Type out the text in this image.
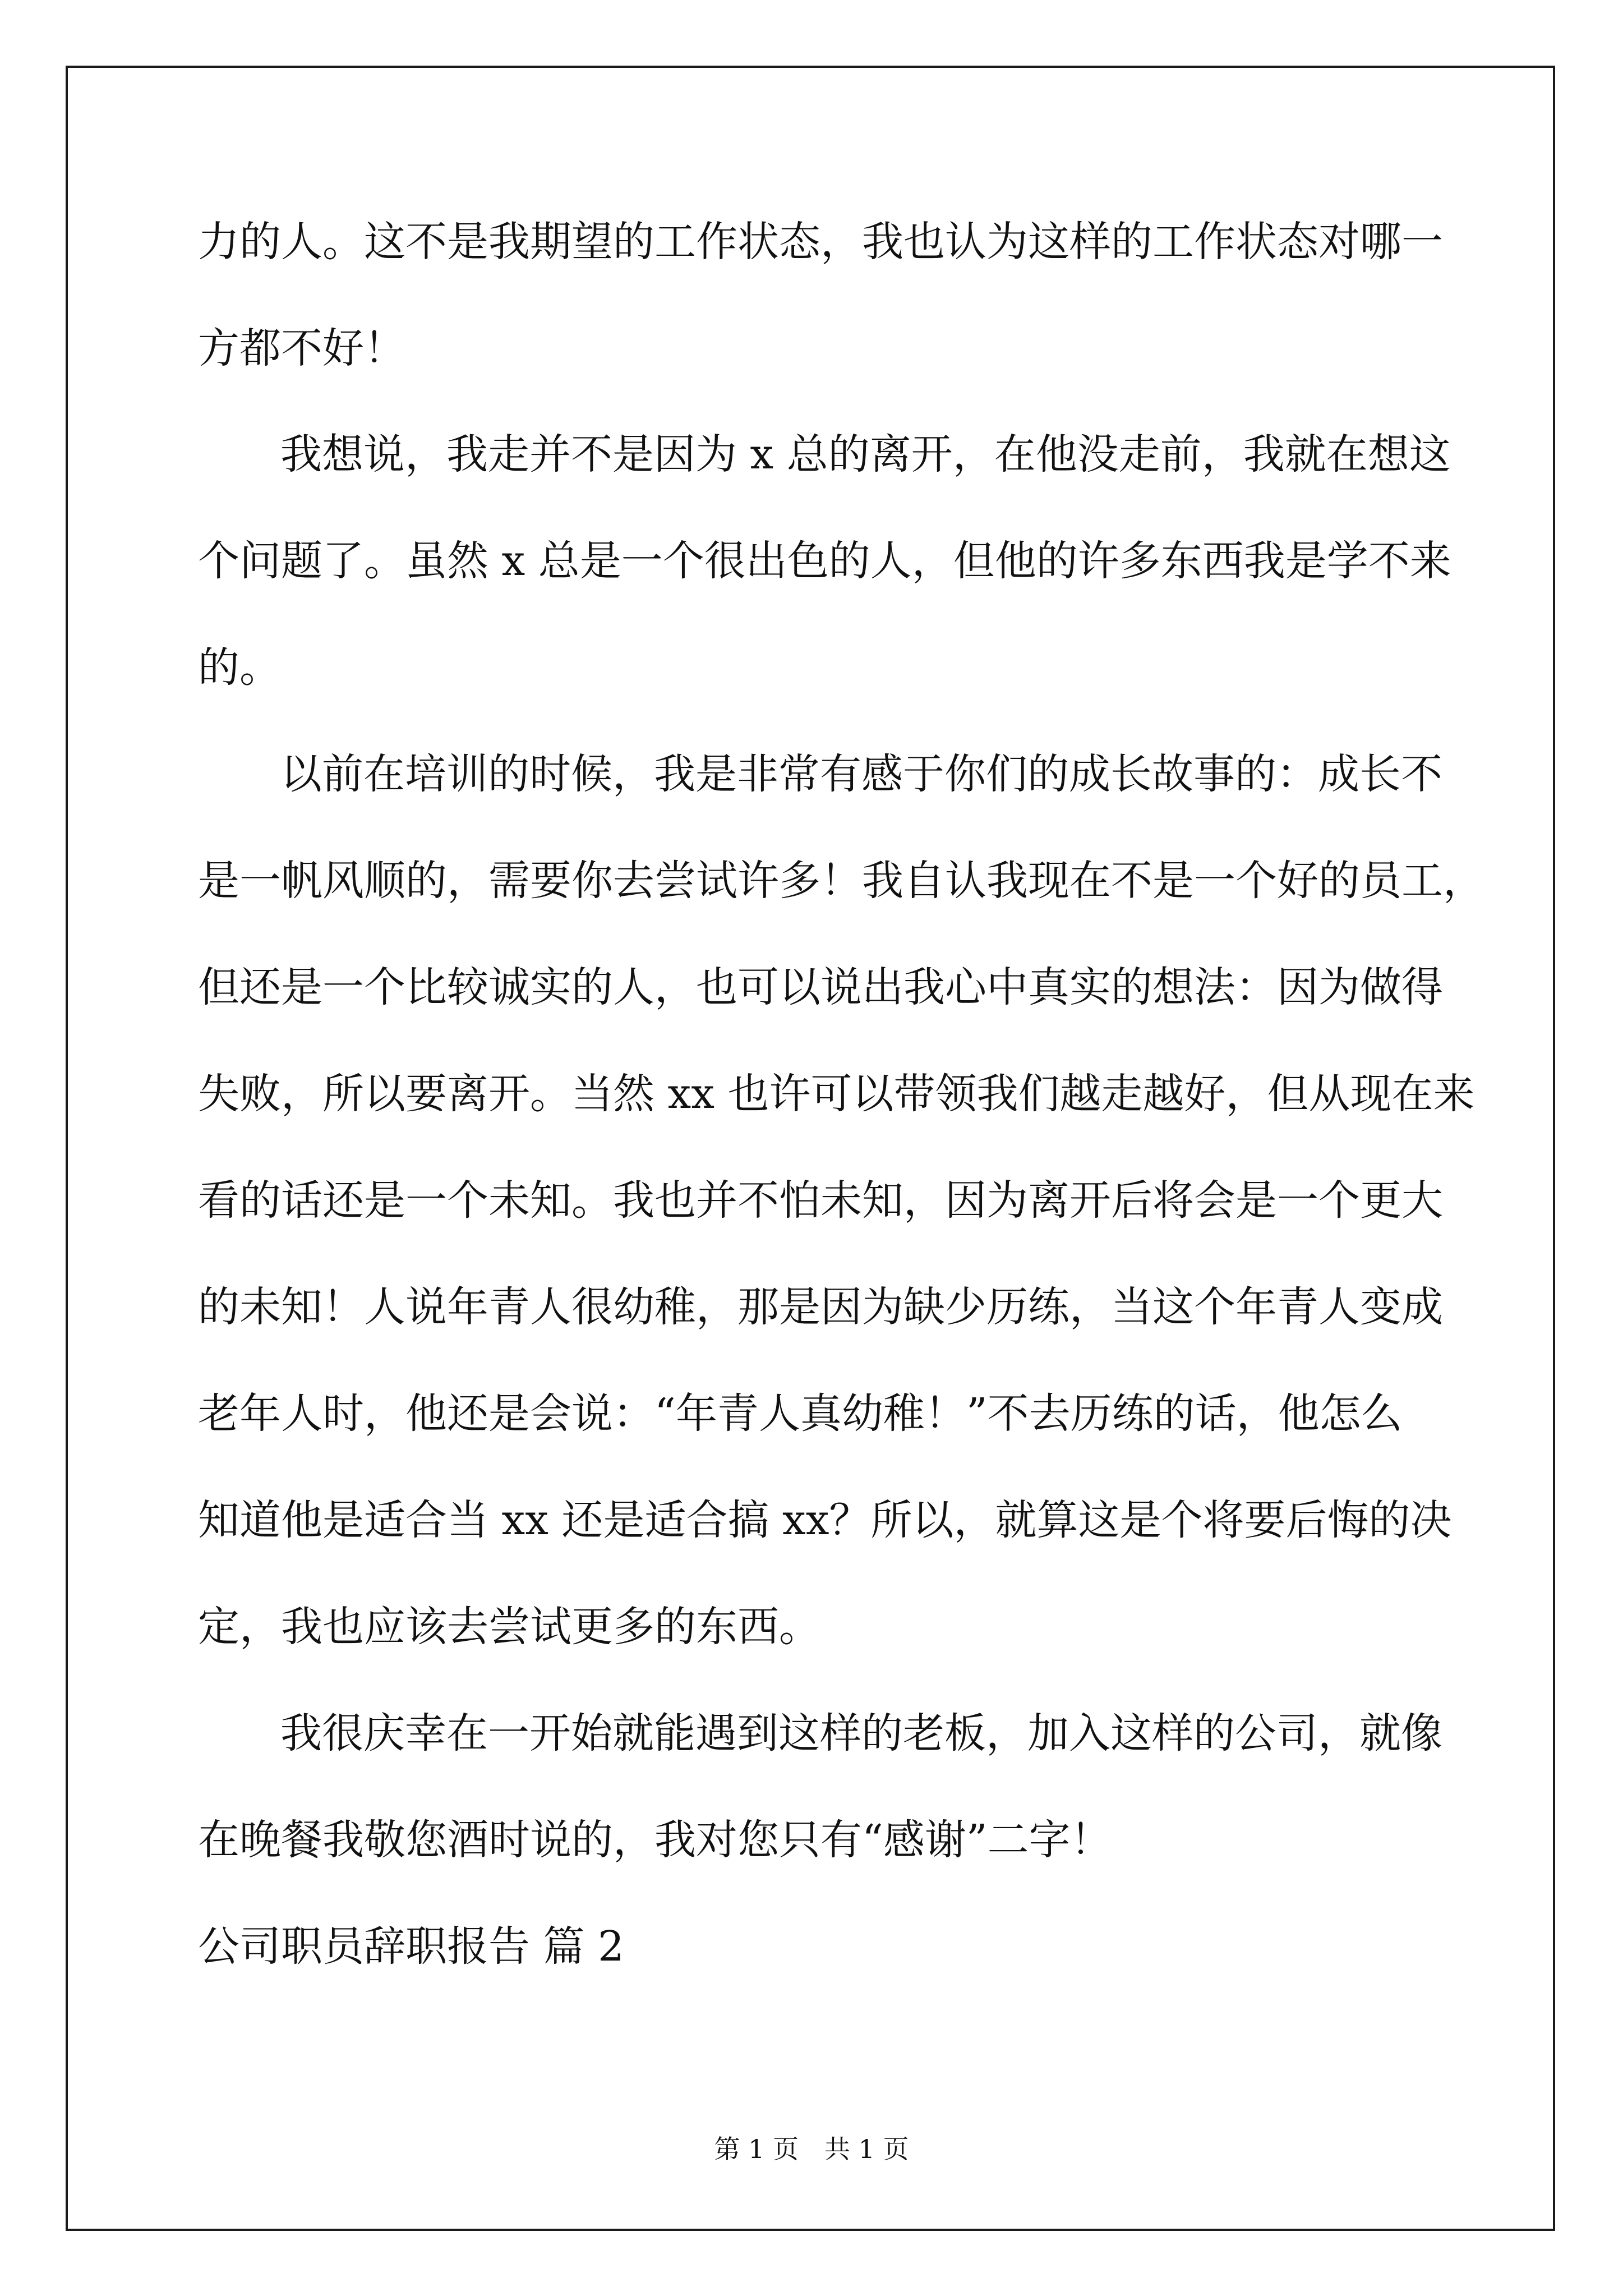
力的人。这不是我期望的工作状态，我也认为这样的工作状态对哪一
方都不好！
我想说，我走并不是因为 x 总的离开，在他没走前，我就在想这
个问题了。虽然 x 总是一个很出色的人，但他的许多东西我是学不来
的。
以前在培训的时候，我是非常有感于你们的成长故事的：成长不
是一帆风顺的，需要你去尝试许多！我自认我现在不是一个好的员工，
但还是一个比较诚实的人，也可以说出我心中真实的想法：因为做得
失败，所以要离开。当然 xx 也许可以带领我们越走越好，但从现在来
看的话还是一个未知。我也并不怕未知，因为离开后将会是一个更大
的未知！人说年青人很幼稚，那是因为缺少历练，当这个年青人变成
老年人时，他还是会说：“年青人真幼稚！”不去历练的话，他怎么
知道他是适合当 xx 还是适合搞 xx？所以，就算这是个将要后悔的决
定，我也应该去尝试更多的东西。
我很庆幸在一开始就能遇到这样的老板，加入这样的公司，就像
在晚餐我敬您酒时说的，我对您只有“感谢”二字！
公司职员辞职报告 篇 2
第 1 页　共 1 页
